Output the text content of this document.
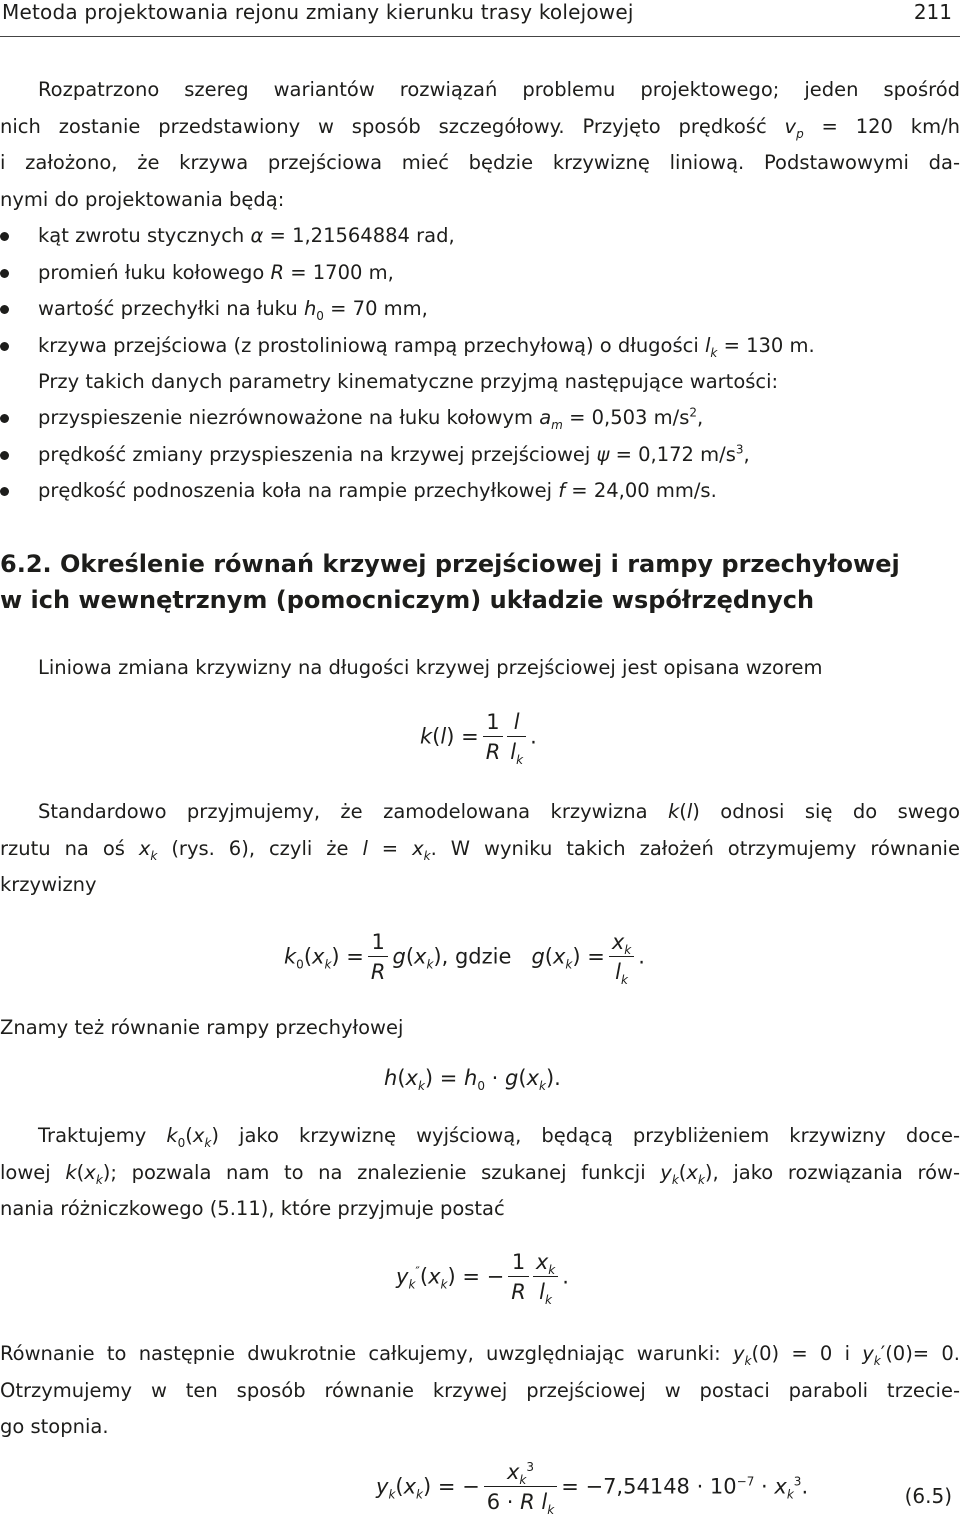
Metoda projektowania rejonu zmiany kierunku trasy kolejowej	211
Rozpatrzono szereg wariantów rozwiązań problemu projektowego; jeden spośród
nich zostanie przedstawiony w sposób szczegółowy. Przyjęto prędkość $v_p = 120$ km/h
i założono, że krzywa przejściowa mieć będzie krzywiznę liniową. Podstawowymi da-
nymi do projektowania będą:
kąt zwrotu stycznych α = 1,21564884 rad,
promień łuku kołowego R = 1700 m,
wartość przechyłki na łuku $h_0 = 70$ mm,
krzywa przejściowa (z prostoliniową rampą przechyłową) o długości $l_k = 130$ m.
Przy takich danych parametry kinematyczne przyjmą następujące wartości:
przyspieszenie niezrównoważone na łuku kołowym $a_m = 0,503$ $m/s^2$,
prędkość zmiany przyspieszenia na krzywej przejściowej ψ = 0,172 $m/s^3$,
prędkość podnoszenia koła na rampie przechyłkowej f = 24,00 mm/s.
6.2. Określenie równań krzywej przejściowej i rampy przechyłowej
w ich wewnętrznym (pomocniczym) układzie współrzędnych
Liniowa zmiana krzywizny na długości krzywej przejściowej jest opisana wzorem
$k(l) = \frac{1}{R} \frac{l}{l_k}$ .
Standardowo przyjmujemy, że zamodelowana krzywizna k(l) odnosi się do swego
rzutu na oś $x_k$ (rys. 6), czyli że $l = x_k$. W wyniku takich założeń otrzymujemy równanie
krzywizny
$k_0(x_k) = \frac{1}{R} g(x_k)$, gdzie $g(x_k) = \frac{x_k}{l_k}$ .
Znamy też równanie rampy przechyłowej
$h(x_k) = h_0 \cdot g(x_k)$.
Traktujemy $k_0(x_k)$ jako krzywiznę wyjściową, będącą przybliżeniem krzywizny doce-
lowej $k(x_k)$; pozwala nam to na znalezienie szukanej funkcji $y_k(x_k)$, jako rozwiązania rów-
nania różniczkowego (5.11), które przyjmuje postać
$y_k''(x_k)$ = − $\frac{1}{R} \frac{x_k}{l_k}$ .
Równanie to następnie dwukrotnie całkujemy, uwzględniając warunki: $y_k(0) = 0$ i $y_k'(0)= 0$.
Otrzymujemy w ten sposób równanie krzywej przejściowej w postaci paraboli trzecie-
go stopnia.
$y_k(x_k)$ = − $\frac{x_k^3}{6 \cdot R l_k} = -7,54148 \cdot 10^{-7} \cdot x_k^3$.	(6.5)
